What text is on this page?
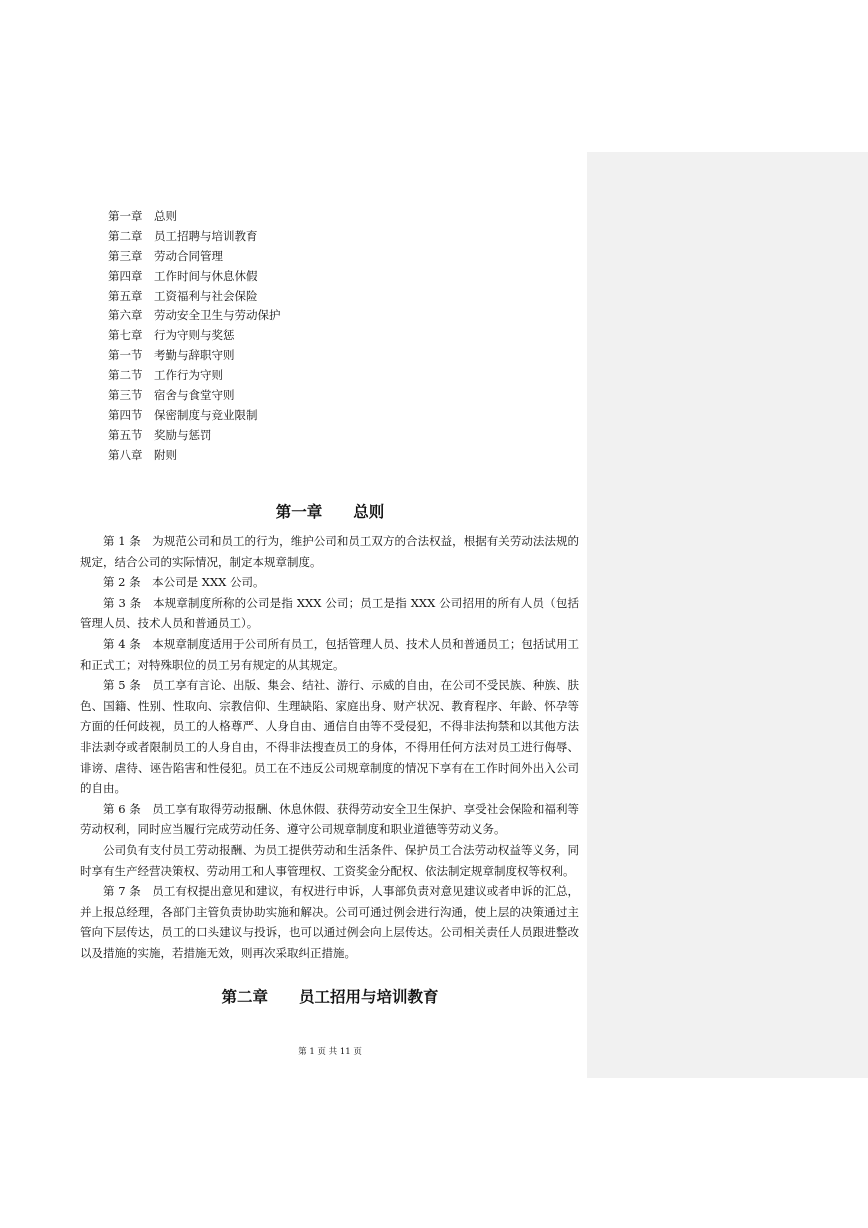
第一章 总则
第二章 员工招聘与培训教育
第三章 劳动合同管理
第四章 工作时间与休息休假
第五章 工资福利与社会保险
第六章 劳动安全卫生与劳动保护
第七章 行为守则与奖惩
第一节 考勤与辞职守则
第二节 工作行为守则
第三节 宿舍与食堂守则
第四节 保密制度与竞业限制
第五节 奖励与惩罚
第八章 附则
第一章　　总则

第 1 条　为规范公司和员工的行为，维护公司和员工双方的合法权益，根据有关劳动法法规的规定，结合公司的实际情况，制定本规章制度。

第 2 条　本公司是 XXX 公司。

第 3 条　本规章制度所称的公司是指 XXX 公司；员工是指 XXX 公司招用的所有人员（包括管理人员、技术人员和普通员工）。

第 4 条　本规章制度适用于公司所有员工，包括管理人员、技术人员和普通员工；包括试用工和正式工；对特殊职位的员工另有规定的从其规定。

第 5 条　员工享有言论、出版、集会、结社、游行、示威的自由，在公司不受民族、种族、肤色、国籍、性别、性取向、宗教信仰、生理缺陷、家庭出身、财产状况、教育程序、年龄、怀孕等方面的任何歧视，员工的人格尊严、人身自由、通信自由等不受侵犯，不得非法拘禁和以其他方法非法剥夺或者限制员工的人身自由，不得非法搜查员工的身体，不得用任何方法对员工进行侮辱、诽谤、虐待、诬告陷害和性侵犯。员工在不违反公司规章制度的情况下享有在工作时间外出入公司的自由。

第 6 条　员工享有取得劳动报酬、休息休假、获得劳动安全卫生保护、享受社会保险和福利等劳动权利，同时应当履行完成劳动任务、遵守公司规章制度和职业道德等劳动义务。

公司负有支付员工劳动报酬、为员工提供劳动和生活条件、保护员工合法劳动权益等义务，同时享有生产经营决策权、劳动用工和人事管理权、工资奖金分配权、依法制定规章制度权等权利。

第 7 条　员工有权提出意见和建议，有权进行申诉，人事部负责对意见建议或者申诉的汇总，并上报总经理，各部门主管负责协助实施和解决。公司可通过例会进行沟通，使上层的决策通过主管向下层传达，员工的口头建议与投诉，也可以通过例会向上层传达。公司相关责任人员跟进整改以及措施的实施，若措施无效，则再次采取纠正措施。

第二章　　员工招用与培训教育
第 1 页 共 11 页
